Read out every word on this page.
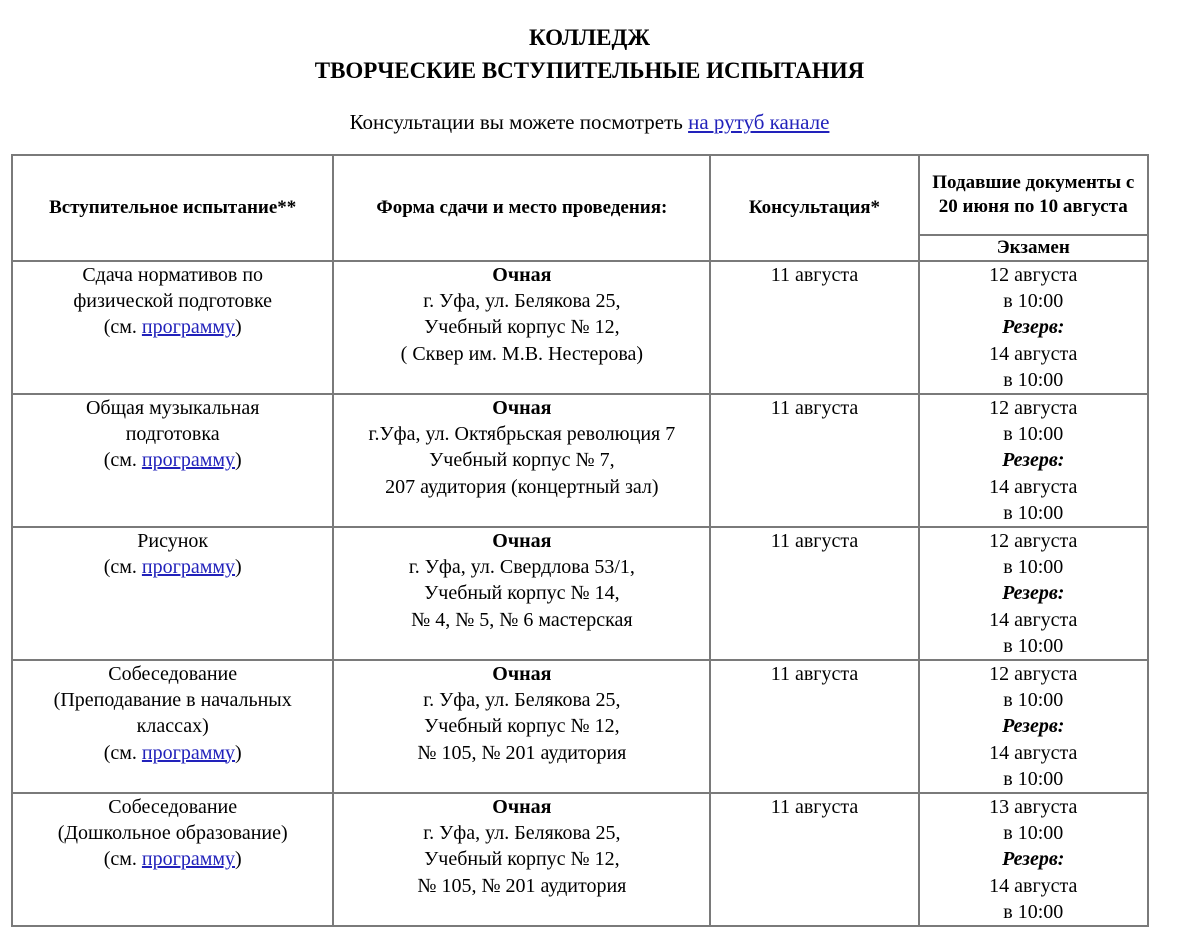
КОЛЛЕДЖ
ТВОРЧЕСКИЕ ВСТУПИТЕЛЬНЫЕ ИСПЫТАНИЯ
Консультации вы можете посмотреть на рутуб канале
Вступительное испытание**	Форма сдачи и место проведения:	Консультация*	Подавшие документы с 20 июня по 10 августа
			Экзамен

Сдача нормативов по
физической подготовке
(см. программу)	Очная
г. Уфа, ул. Белякова 25,
Учебный корпус № 12,
( Сквер им. М.В. Нестерова)	11 августа	12 августа
в 10:00
Резерв:
14 августа
в 10:00

Общая музыкальная
подготовка
(см. программу)	Очная
г.Уфа, ул. Октябрьская революция 7
Учебный корпус № 7,
207 аудитория (концертный зал)	11 августа	12 августа
в 10:00
Резерв:
14 августа
в 10:00

Рисунок
(см. программу)	Очная
г. Уфа, ул. Свердлова 53/1,
Учебный корпус № 14,
№ 4, № 5, № 6 мастерская	11 августа	12 августа
в 10:00
Резерв:
14 августа
в 10:00

Собеседование
(Преподавание в начальных
классах)
(см. программу)	Очная
г. Уфа, ул. Белякова 25,
Учебный корпус № 12,
№ 105, № 201 аудитория	11 августа	12 августа
в 10:00
Резерв:
14 августа
в 10:00

Собеседование
(Дошкольное образование)
(см. программу)	Очная
г. Уфа, ул. Белякова 25,
Учебный корпус № 12,
№ 105, № 201 аудитория	11 августа	13 августа
в 10:00
Резерв:
14 августа
в 10:00
